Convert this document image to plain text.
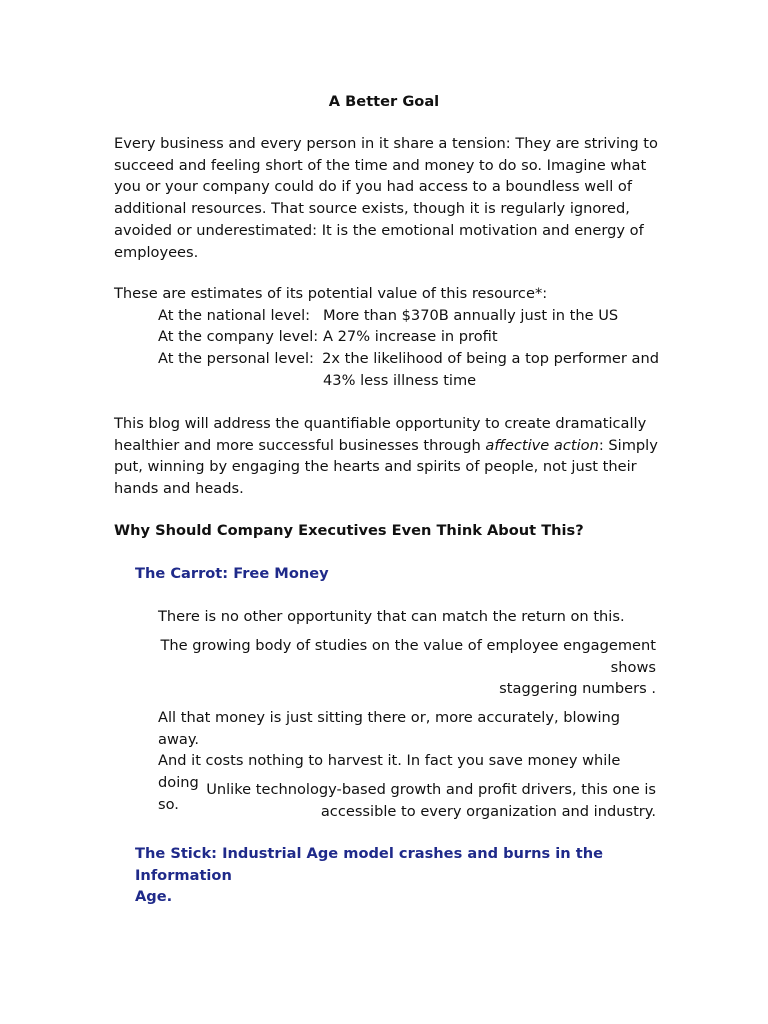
A Better Goal
Every business and every person in it share a tension: They are striving to
succeed and feeling short of the time and money to do so. Imagine what
you or your company could do if you had access to a boundless well of
additional resources. That source exists, though it is regularly ignored,
avoided or underestimated: It is the emotional motivation and energy of
employees.
These are estimates of its potential value of this resource*:
At the national level: More than $370B annually just in the US
At the company level: A 27% increase in profit
At the personal level: 2x the likelihood of being a top performer and
43% less illness time
This blog will address the quantifiable opportunity to create dramatically
healthier and more successful businesses through affective action: Simply
put, winning by engaging the hearts and spirits of people, not just their
hands and heads.
Why Should Company Executives Even Think About This?
The Carrot: Free Money
There is no other opportunity that can match the return on this.
The growing body of studies on the value of employee engagement
shows
staggering numbers .
All that money is just sitting there or, more accurately, blowing away.
And it costs nothing to harvest it. In fact you save money while doing
so.
Unlike technology-based growth and profit drivers, this one is
accessible to every organization and industry.
The Stick: Industrial Age model crashes and burns in the Information
Age.
